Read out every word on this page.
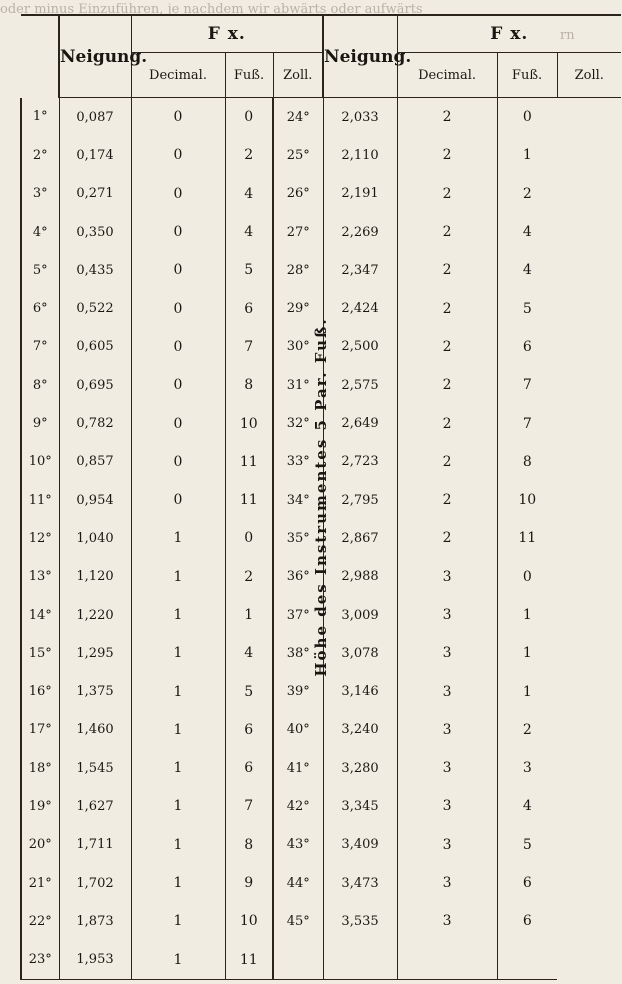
oder minus Einzuführen, je nachdem wir abwärts oder aufwärts
rn
Höhe des Instrumentes 5 Par. Fuß.	Neigung.	F x.			Neigung.	F x.		
		Decimal.	Fuß.	Zoll.		Decimal.	Fuß.	Zoll.
1°	0,087	0	0	24°	2,033	2	0	
2°	0,174	0	2	25°	2,110	2	1	
3°	0,271	0	4	26°	2,191	2	2	
4°	0,350	0	4	27°	2,269	2	4	
5°	0,435	0	5	28°	2,347	2	4	
6°	0,522	0	6	29°	2,424	2	5	
7°	0,605	0	7	30°	2,500	2	6	
8°	0,695	0	8	31°	2,575	2	7	
9°	0,782	0	10	32°	2,649	2	7	
10°	0,857	0	11	33°	2,723	2	8	
11°	0,954	0	11	34°	2,795	2	10	
12°	1,040	1	0	35°	2,867	2	11	
13°	1,120	1	2	36°	2,988	3	0	
14°	1,220	1	1	37°	3,009	3	1	
15°	1,295	1	4	38°	3,078	3	1	
16°	1,375	1	5	39°	3,146	3	1	
17°	1,460	1	6	40°	3,240	3	2	
18°	1,545	1	6	41°	3,280	3	3	
19°	1,627	1	7	42°	3,345	3	4	
20°	1,711	1	8	43°	3,409	3	5	
21°	1,702	1	9	44°	3,473	3	6	
22°	1,873	1	10	45°	3,535	3	6	
23°	1,953	1	11					
